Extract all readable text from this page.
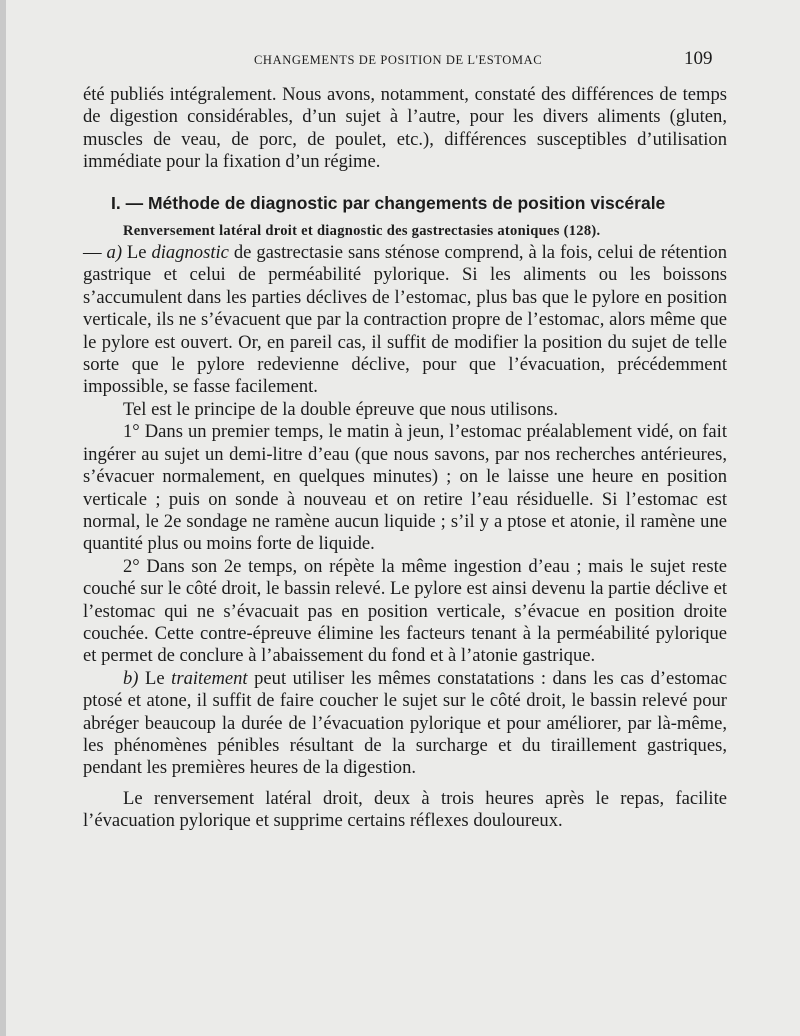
CHANGEMENTS DE POSITION DE L'ESTOMAC	109

été publiés intégralement. Nous avons, notamment, constaté des différences de temps de digestion considérables, d’un sujet à l’autre, pour les divers aliments (gluten, muscles de veau, de porc, de poulet, etc.), différences susceptibles d’utilisation immédiate pour la fixation d’un régime.

I. — Méthode de diagnostic par changements de position viscérale

Renversement latéral droit et diagnostic des gastrectasies atoniques (128).

— a) Le diagnostic de gastrectasie sans sténose comprend, à la fois, celui de rétention gastrique et celui de perméabilité pylorique. Si les aliments ou les boissons s’accumulent dans les parties déclives de l’estomac, plus bas que le pylore en position verticale, ils ne s’évacuent que par la contraction propre de l’estomac, alors même que le pylore est ouvert. Or, en pareil cas, il suffit de modifier la position du sujet de telle sorte que le pylore redevienne déclive, pour que l’évacuation, précédemment impossible, se fasse facilement.

Tel est le principe de la double épreuve que nous utilisons.

1° Dans un premier temps, le matin à jeun, l’estomac préalablement vidé, on fait ingérer au sujet un demi-litre d’eau (que nous savons, par nos recherches antérieures, s’évacuer normalement, en quelques minutes) ; on le laisse une heure en position verticale ; puis on sonde à nouveau et on retire l’eau résiduelle. Si l’estomac est normal, le 2e sondage ne ramène aucun liquide ; s’il y a ptose et atonie, il ramène une quantité plus ou moins forte de liquide.

2° Dans son 2e temps, on répète la même ingestion d’eau ; mais le sujet reste couché sur le côté droit, le bassin relevé. Le pylore est ainsi devenu la partie déclive et l’estomac qui ne s’évacuait pas en position verticale, s’évacue en position droite couchée. Cette contre-épreuve élimine les facteurs tenant à la perméabilité pylorique et permet de conclure à l’abaissement du fond et à l’atonie gastrique.

b) Le traitement peut utiliser les mêmes constatations : dans les cas d’estomac ptosé et atone, il suffit de faire coucher le sujet sur le côté droit, le bassin relevé pour abréger beaucoup la durée de l’évacuation pylorique et pour améliorer, par là-même, les phénomènes pénibles résultant de la surcharge et du tiraillement gastriques, pendant les premières heures de la digestion.

Le renversement latéral droit, deux à trois heures après le repas, facilite l’évacuation pylorique et supprime certains réflexes douloureux.
